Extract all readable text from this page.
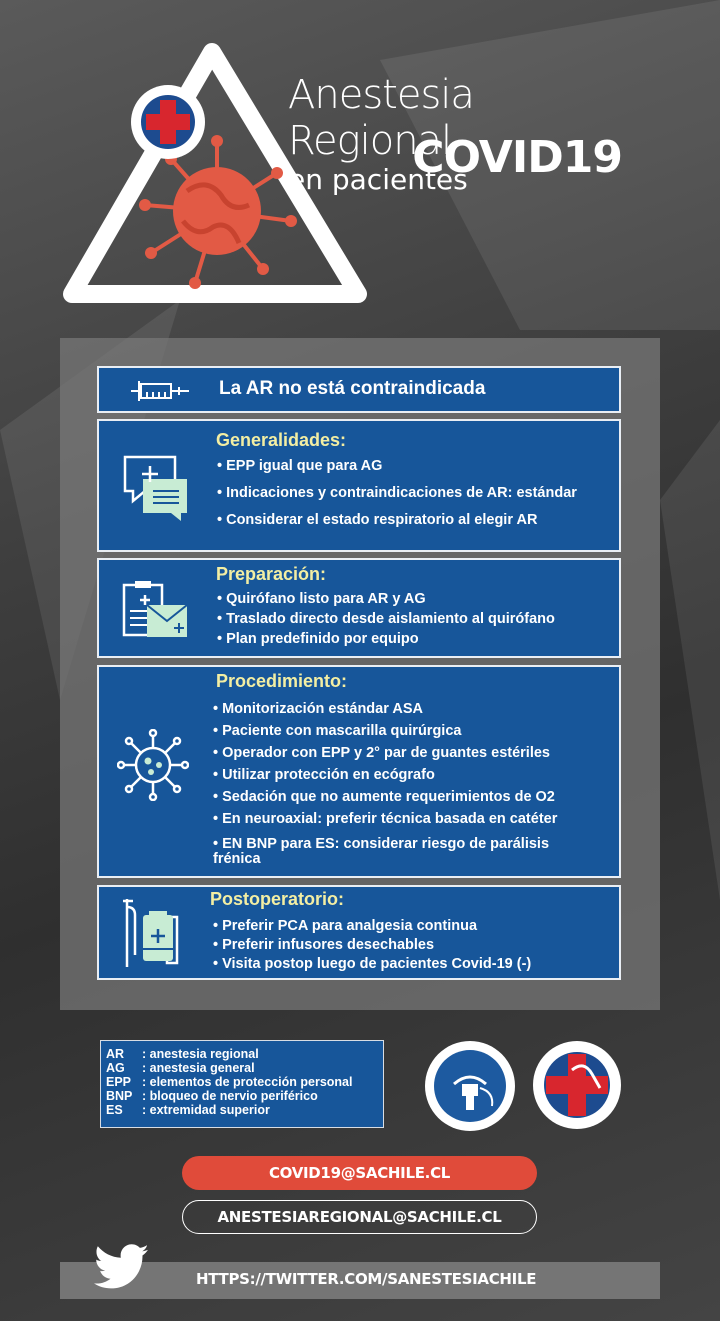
Anestesia Regional
en pacientes
COVID19
La AR no está contraindicada
Generalidades:
• EPP igual que para AG
• Indicaciones y contraindicaciones de AR: estándar
• Considerar el estado respiratorio al elegir AR
Preparación:
• Quirófano listo para AR y AG
• Traslado directo desde aislamiento al quirófano
• Plan predefinido por equipo
Procedimiento:
• Monitorización estándar ASA
• Paciente con mascarilla quirúrgica
• Operador con EPP y 2° par de guantes estériles
• Utilizar protección en ecógrafo
• Sedación que no aumente requerimientos de O2
• En neuroaxial: preferir técnica basada en catéter
• EN BNP para ES: considerar riesgo de parálisis
frénica
Postoperatorio:
• Preferir PCA para analgesia continua
• Preferir infusores desechables
• Visita postop luego de pacientes Covid-19 (-)
AR	: anestesia regional
AG	: anestesia general
EPP : elementos de protección personal
BNP : bloqueo de nervio periférico
ES	: extremidad superior
COVID19@SACHILE.CL
ANESTESIAREGIONAL@SACHILE.CL
HTTPS://TWITTER.COM/SANESTESIACHILE
